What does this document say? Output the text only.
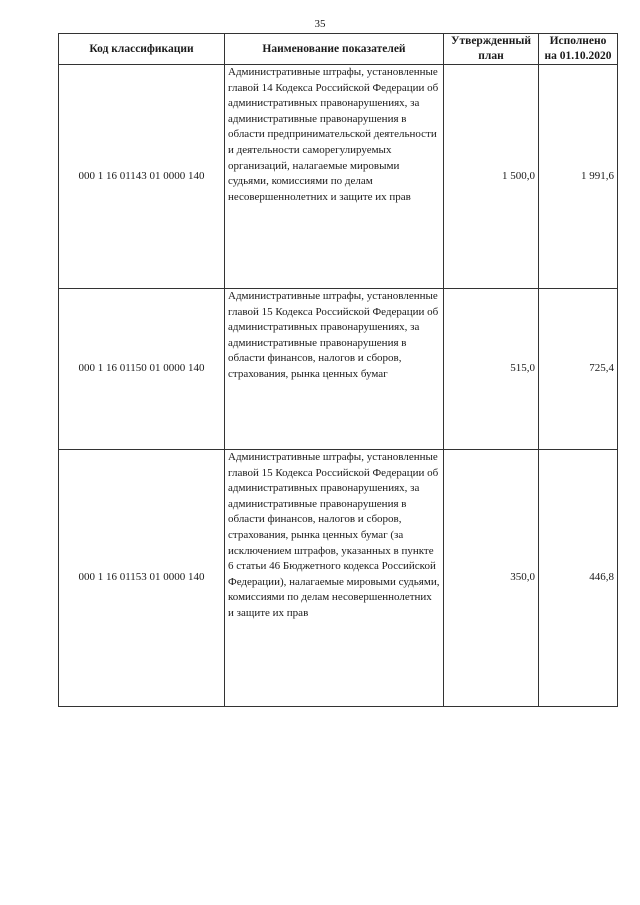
35
Код классификации	Наименование показателей	Утвержденный план	Исполнено на 01.10.2020
000 1 16 01143 01 0000 140	Административные штрафы, установленные главой 14 Кодекса Российской Федерации об административных правонарушениях, за административные правонарушения в области предпринимательской деятельности и деятельности саморегулируемых организаций, налагаемые мировыми судьями, комиссиями по делам несовершеннолетних и защите их прав	1 500,0	1 991,6
000 1 16 01150 01 0000 140	Административные штрафы, установленные главой 15 Кодекса Российской Федерации об административных правонарушениях, за административные правонарушения в области финансов, налогов и сборов, страхования, рынка ценных бумаг	515,0	725,4
000 1 16 01153 01 0000 140	Административные штрафы, установленные главой 15 Кодекса Российской Федерации об административных правонарушениях, за административные правонарушения в области финансов, налогов и сборов, страхования, рынка ценных бумаг (за исключением штрафов, указанных в пункте 6 статьи 46 Бюджетного кодекса Российской Федерации), налагаемые мировыми судьями, комиссиями по делам несовершеннолетних и защите их прав	350,0	446,8
